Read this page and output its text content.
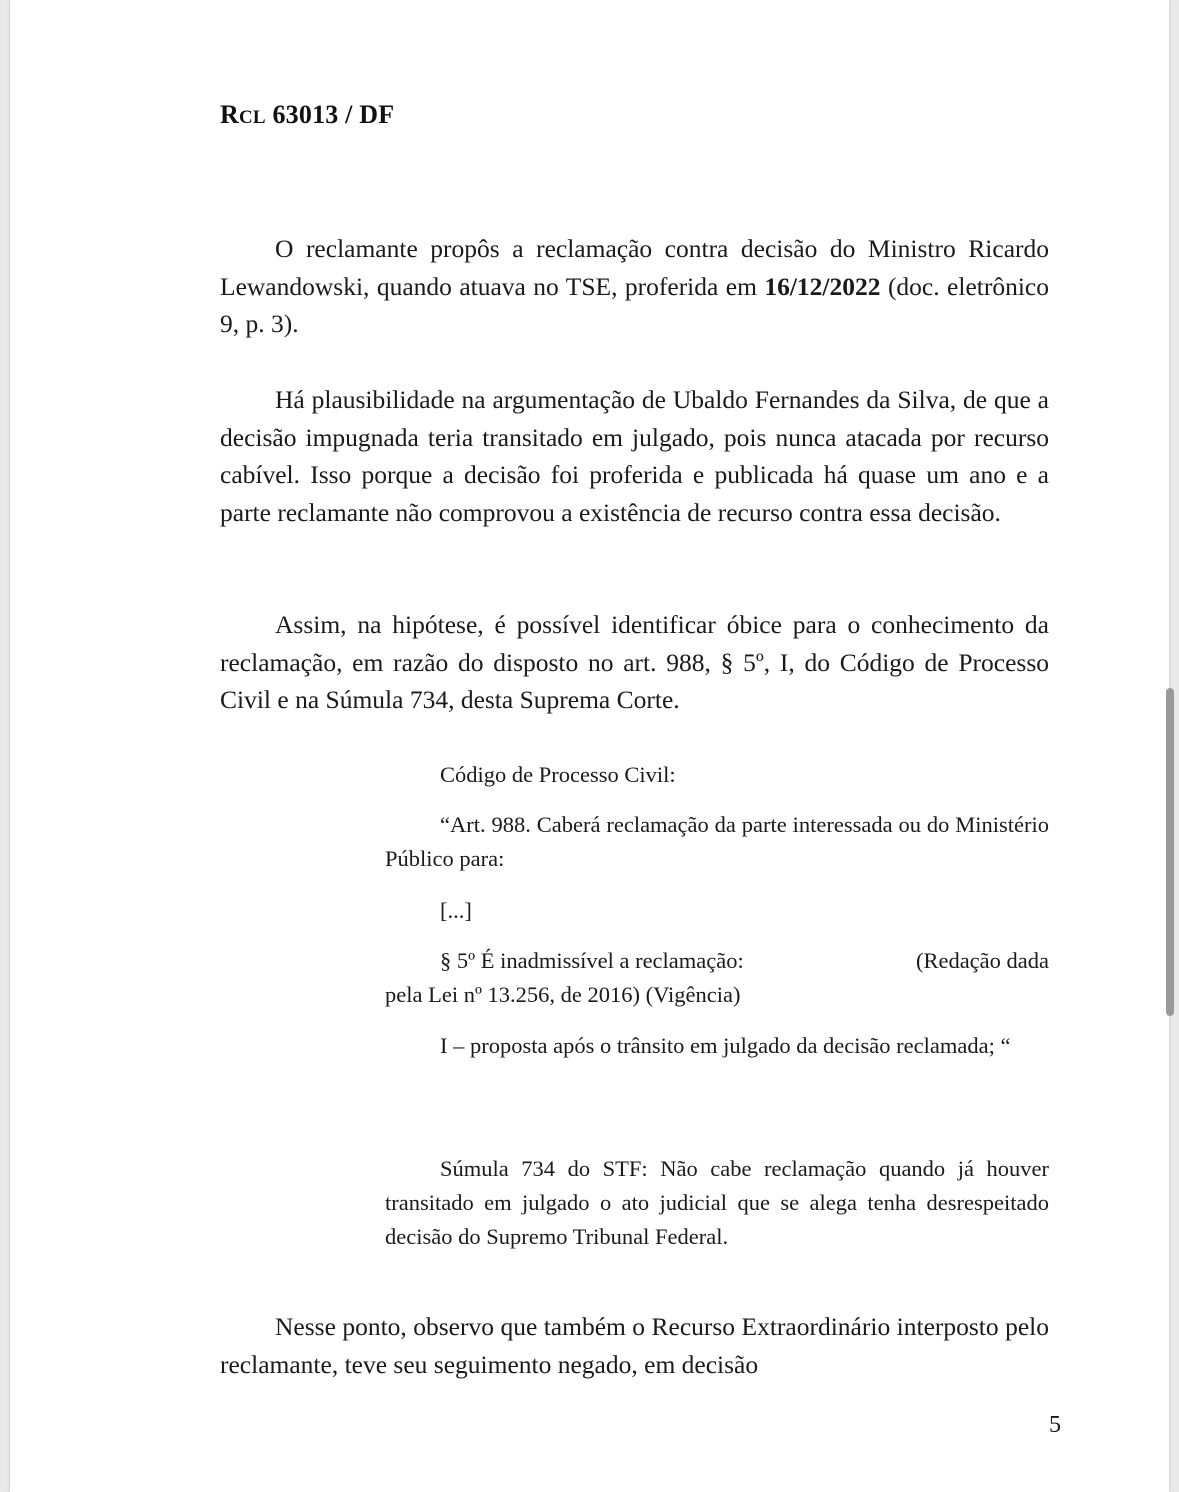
RCL 63013 / DF
O reclamante propôs a reclamação contra decisão do Ministro Ricardo Lewandowski, quando atuava no TSE, proferida em 16/12/2022 (doc. eletrônico 9, p. 3).
Há plausibilidade na argumentação de Ubaldo Fernandes da Silva, de que a decisão impugnada teria transitado em julgado, pois nunca atacada por recurso cabível. Isso porque a decisão foi proferida e publicada há quase um ano e a parte reclamante não comprovou a existência de recurso contra essa decisão.
Assim, na hipótese, é possível identificar óbice para o conhecimento da reclamação, em razão do disposto no art. 988, § 5º, I, do Código de Processo Civil e na Súmula 734, desta Suprema Corte.
Código de Processo Civil:
“Art. 988. Caberá reclamação da parte interessada ou do Ministério Público para:
[...]
(Redação dada
§ 5º É inadmissível a reclamação:
pela Lei nº 13.256, de 2016) (Vigência)
I – proposta após o trânsito em julgado da decisão reclamada; “
Súmula 734 do STF: Não cabe reclamação quando já houver transitado em julgado o ato judicial que se alega tenha desrespeitado decisão do Supremo Tribunal Federal.
Nesse ponto, observo que também o Recurso Extraordinário interposto pelo reclamante, teve seu seguimento negado, em decisão
5
